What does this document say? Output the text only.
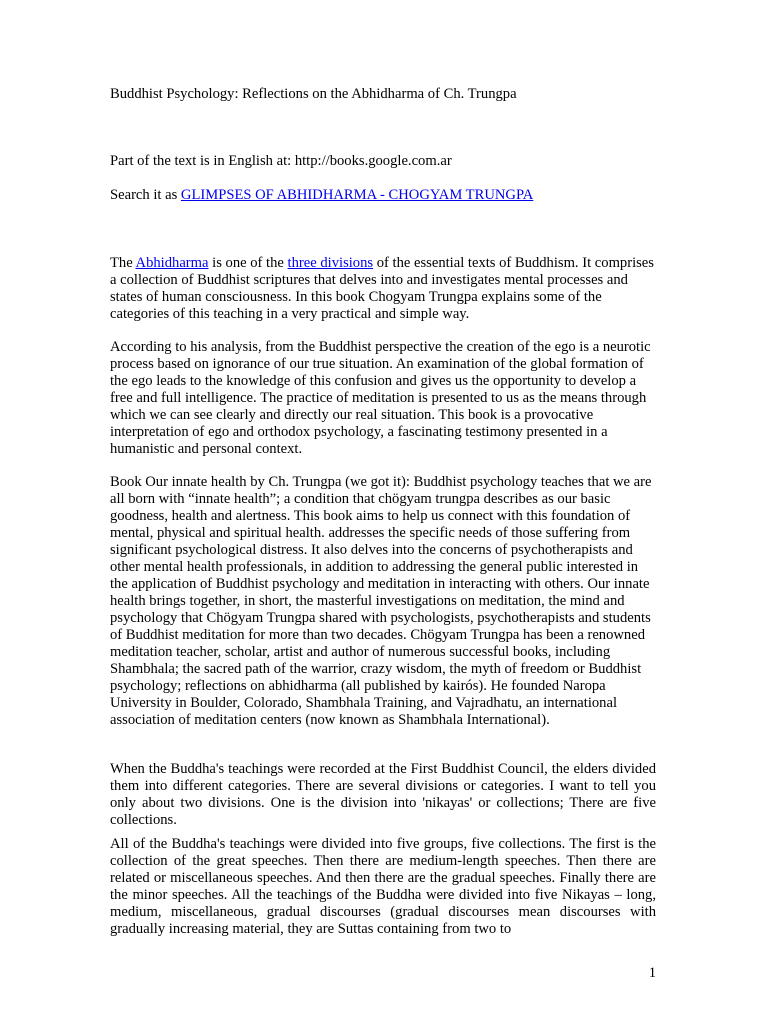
Buddhist Psychology: Reflections on the Abhidharma of Ch. Trungpa

Part of the text is in English at: http://books.google.com.ar

Search it as GLIMPSES OF ABHIDHARMA - CHOGYAM TRUNGPA

The Abhidharma is one of the three divisions of the essential texts of Buddhism. It comprises a collection of Buddhist scriptures that delves into and investigates mental processes and states of human consciousness. In this book Chogyam Trungpa explains some of the categories of this teaching in a very practical and simple way.

According to his analysis, from the Buddhist perspective the creation of the ego is a neurotic process based on ignorance of our true situation. An examination of the global formation of the ego leads to the knowledge of this confusion and gives us the opportunity to develop a free and full intelligence. The practice of meditation is presented to us as the means through which we can see clearly and directly our real situation. This book is a provocative interpretation of ego and orthodox psychology, a fascinating testimony presented in a humanistic and personal context.

Book Our innate health by Ch. Trungpa (we got it): Buddhist psychology teaches that we are all born with “innate health”; a condition that chögyam trungpa describes as our basic goodness, health and alertness. This book aims to help us connect with this foundation of mental, physical and spiritual health. addresses the specific needs of those suffering from significant psychological distress. It also delves into the concerns of psychotherapists and other mental health professionals, in addition to addressing the general public interested in the application of Buddhist psychology and meditation in interacting with others. Our innate health brings together, in short, the masterful investigations on meditation, the mind and psychology that Chögyam Trungpa shared with psychologists, psychotherapists and students of Buddhist meditation for more than two decades. Chögyam Trungpa has been a renowned meditation teacher, scholar, artist and author of numerous successful books, including Shambhala; the sacred path of the warrior, crazy wisdom, the myth of freedom or Buddhist psychology; reflections on abhidharma (all published by kairós). He founded Naropa University in Boulder, Colorado, Shambhala Training, and Vajradhatu, an international association of meditation centers (now known as Shambhala International).

When the Buddha's teachings were recorded at the First Buddhist Council, the elders divided them into different categories. There are several divisions or categories. I want to tell you only about two divisions. One is the division into 'nikayas' or collections; There are five collections.

All of the Buddha's teachings were divided into five groups, five collections. The first is the collection of the great speeches. Then there are medium-length speeches. Then there are related or miscellaneous speeches. And then there are the gradual speeches. Finally there are the minor speeches. All the teachings of the Buddha were divided into five Nikayas – long, medium, miscellaneous, gradual discourses (gradual discourses mean discourses with gradually increasing material, they are Suttas containing from two to

1
